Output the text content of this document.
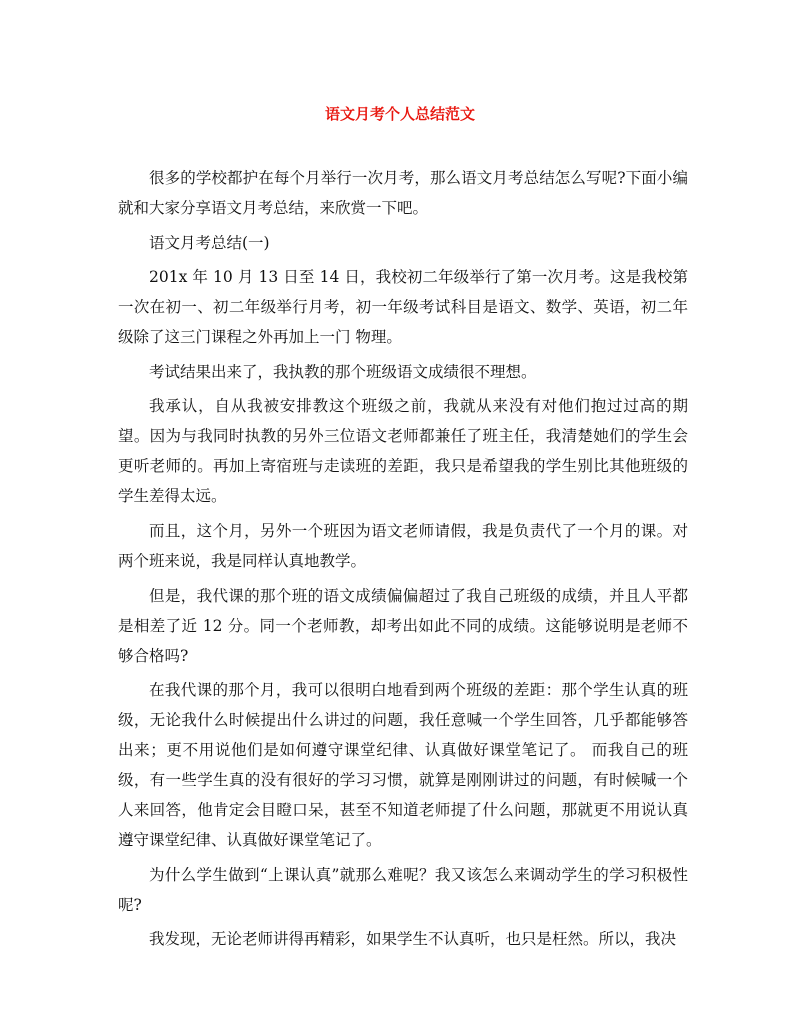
语文月考个人总结范文

很多的学校都护在每个月举行一次月考，那么语文月考总结怎么写呢?下面小编就和大家分享语文月考总结，来欣赏一下吧。

语文月考总结(一)

201x 年 10 月 13 日至 14 日，我校初二年级举行了第一次月考。这是我校第一次在初一、初二年级举行月考，初一年级考试科目是语文、数学、英语，初二年级除了这三门课程之外再加上一门 物理。

考试结果出来了，我执教的那个班级语文成绩很不理想。

我承认，自从我被安排教这个班级之前，我就从来没有对他们抱过过高的期望。因为与我同时执教的另外三位语文老师都兼任了班主任，我清楚她们的学生会更听老师的。再加上寄宿班与走读班的差距，我只是希望我的学生别比其他班级的学生差得太远。

而且，这个月，另外一个班因为语文老师请假，我是负责代了一个月的课。对两个班来说，我是同样认真地教学。

但是，我代课的那个班的语文成绩偏偏超过了我自己班级的成绩，并且人平都是相差了近 12 分。同一个老师教，却考出如此不同的成绩。这能够说明是老师不够合格吗?

在我代课的那个月，我可以很明白地看到两个班级的差距：那个学生认真的班级，无论我什么时候提出什么讲过的问题，我任意喊一个学生回答，几乎都能够答出来；更不用说他们是如何遵守课堂纪律、认真做好课堂笔记了。 而我自己的班级，有一些学生真的没有很好的学习习惯，就算是刚刚讲过的问题，有时候喊一个人来回答，他肯定会目瞪口呆，甚至不知道老师提了什么问题，那就更不用说认真遵守课堂纪律、认真做好课堂笔记了。

为什么学生做到“上课认真”就那么难呢？我又该怎么来调动学生的学习积极性呢?

我发现，无论老师讲得再精彩，如果学生不认真听，也只是枉然。所以，我决
